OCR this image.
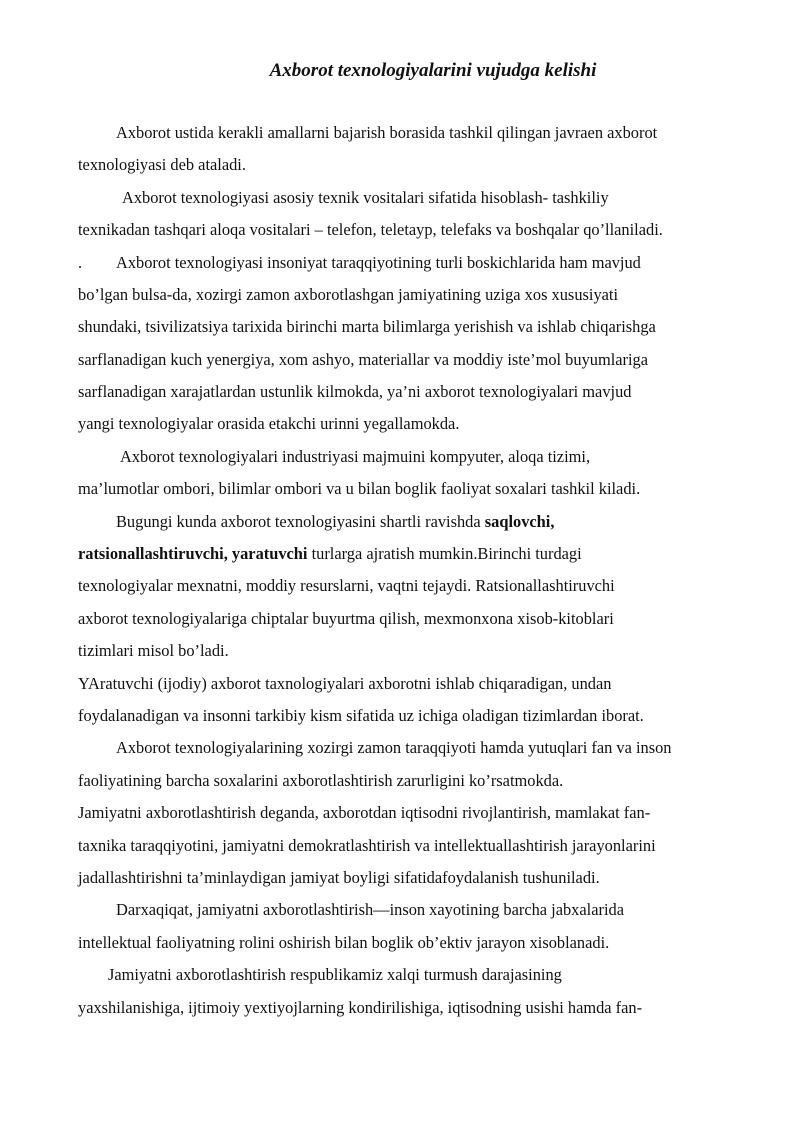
Axborot texnologiyalarini vujudga kelishi
Axborot ustida kerakli amallarni bajarish borasida tashkil qilingan javraen axborot
texnologiyasi deb ataladi.
Axborot texnologiyasi asosiy texnik vositalari sifatida hisoblash- tashkiliy
texnikadan tashqari aloqa vositalari – telefon, teletayp, telefaks va boshqalar qo’llaniladi.
. Axborot texnologiyasi insoniyat taraqqiyotining turli boskichlarida ham mavjud
bo’lgan bulsa-da, xozirgi zamon axborotlashgan jamiyatining uziga xos xususiyati
shundaki, tsivilizatsiya tarixida birinchi marta bilimlarga yerishish va ishlab chiqarishga
sarflanadigan kuch yenergiya, xom ashyo, materiallar va moddiy iste’mol buyumlariga
sarflanadigan xarajatlardan ustunlik kilmokda, ya’ni axborot texnologiyalari mavjud
yangi texnologiyalar orasida etakchi urinni yegallamokda.
Axborot texnologiyalari industriyasi majmuini kompyuter, aloqa tizimi,
ma’lumotlar ombori, bilimlar ombori va u bilan boglik faoliyat soxalari tashkil kiladi.
Bugungi kunda axborot texnologiyasini shartli ravishda saqlovchi,
ratsionallashtiruvchi, yaratuvchi turlarga ajratish mumkin.Birinchi turdagi
texnologiyalar mexnatni, moddiy resurslarni, vaqtni tejaydi. Ratsionallashtiruvchi
axborot texnologiyalariga chiptalar buyurtma qilish, mexmonxona xisob-kitoblari
tizimlari misol bo’ladi.
YAratuvchi (ijodiy) axborot taxnologiyalari axborotni ishlab chiqaradigan, undan
foydalanadigan va insonni tarkibiy kism sifatida uz ichiga oladigan tizimlardan iborat.
Axborot texnologiyalarining xozirgi zamon taraqqiyoti hamda yutuqlari fan va inson
faoliyatining barcha soxalarini axborotlashtirish zarurligini ko’rsatmokda.
Jamiyatni axborotlashtirish deganda, axborotdan iqtisodni rivojlantirish, mamlakat fan-
taxnika taraqqiyotini, jamiyatni demokratlashtirish va intellektuallashtirish jarayonlarini
jadallashtirishni ta’minlaydigan jamiyat boyligi sifatidafoydalanish tushuniladi.
Darxaqiqat, jamiyatni axborotlashtirish—inson xayotining barcha jabxalarida
intellektual faoliyatning rolini oshirish bilan boglik ob’ektiv jarayon xisoblanadi.
Jamiyatni axborotlashtirish respublikamiz xalqi turmush darajasining
yaxshilanishiga, ijtimoiy yextiyojlarning kondirilishiga, iqtisodning usishi hamda fan-
